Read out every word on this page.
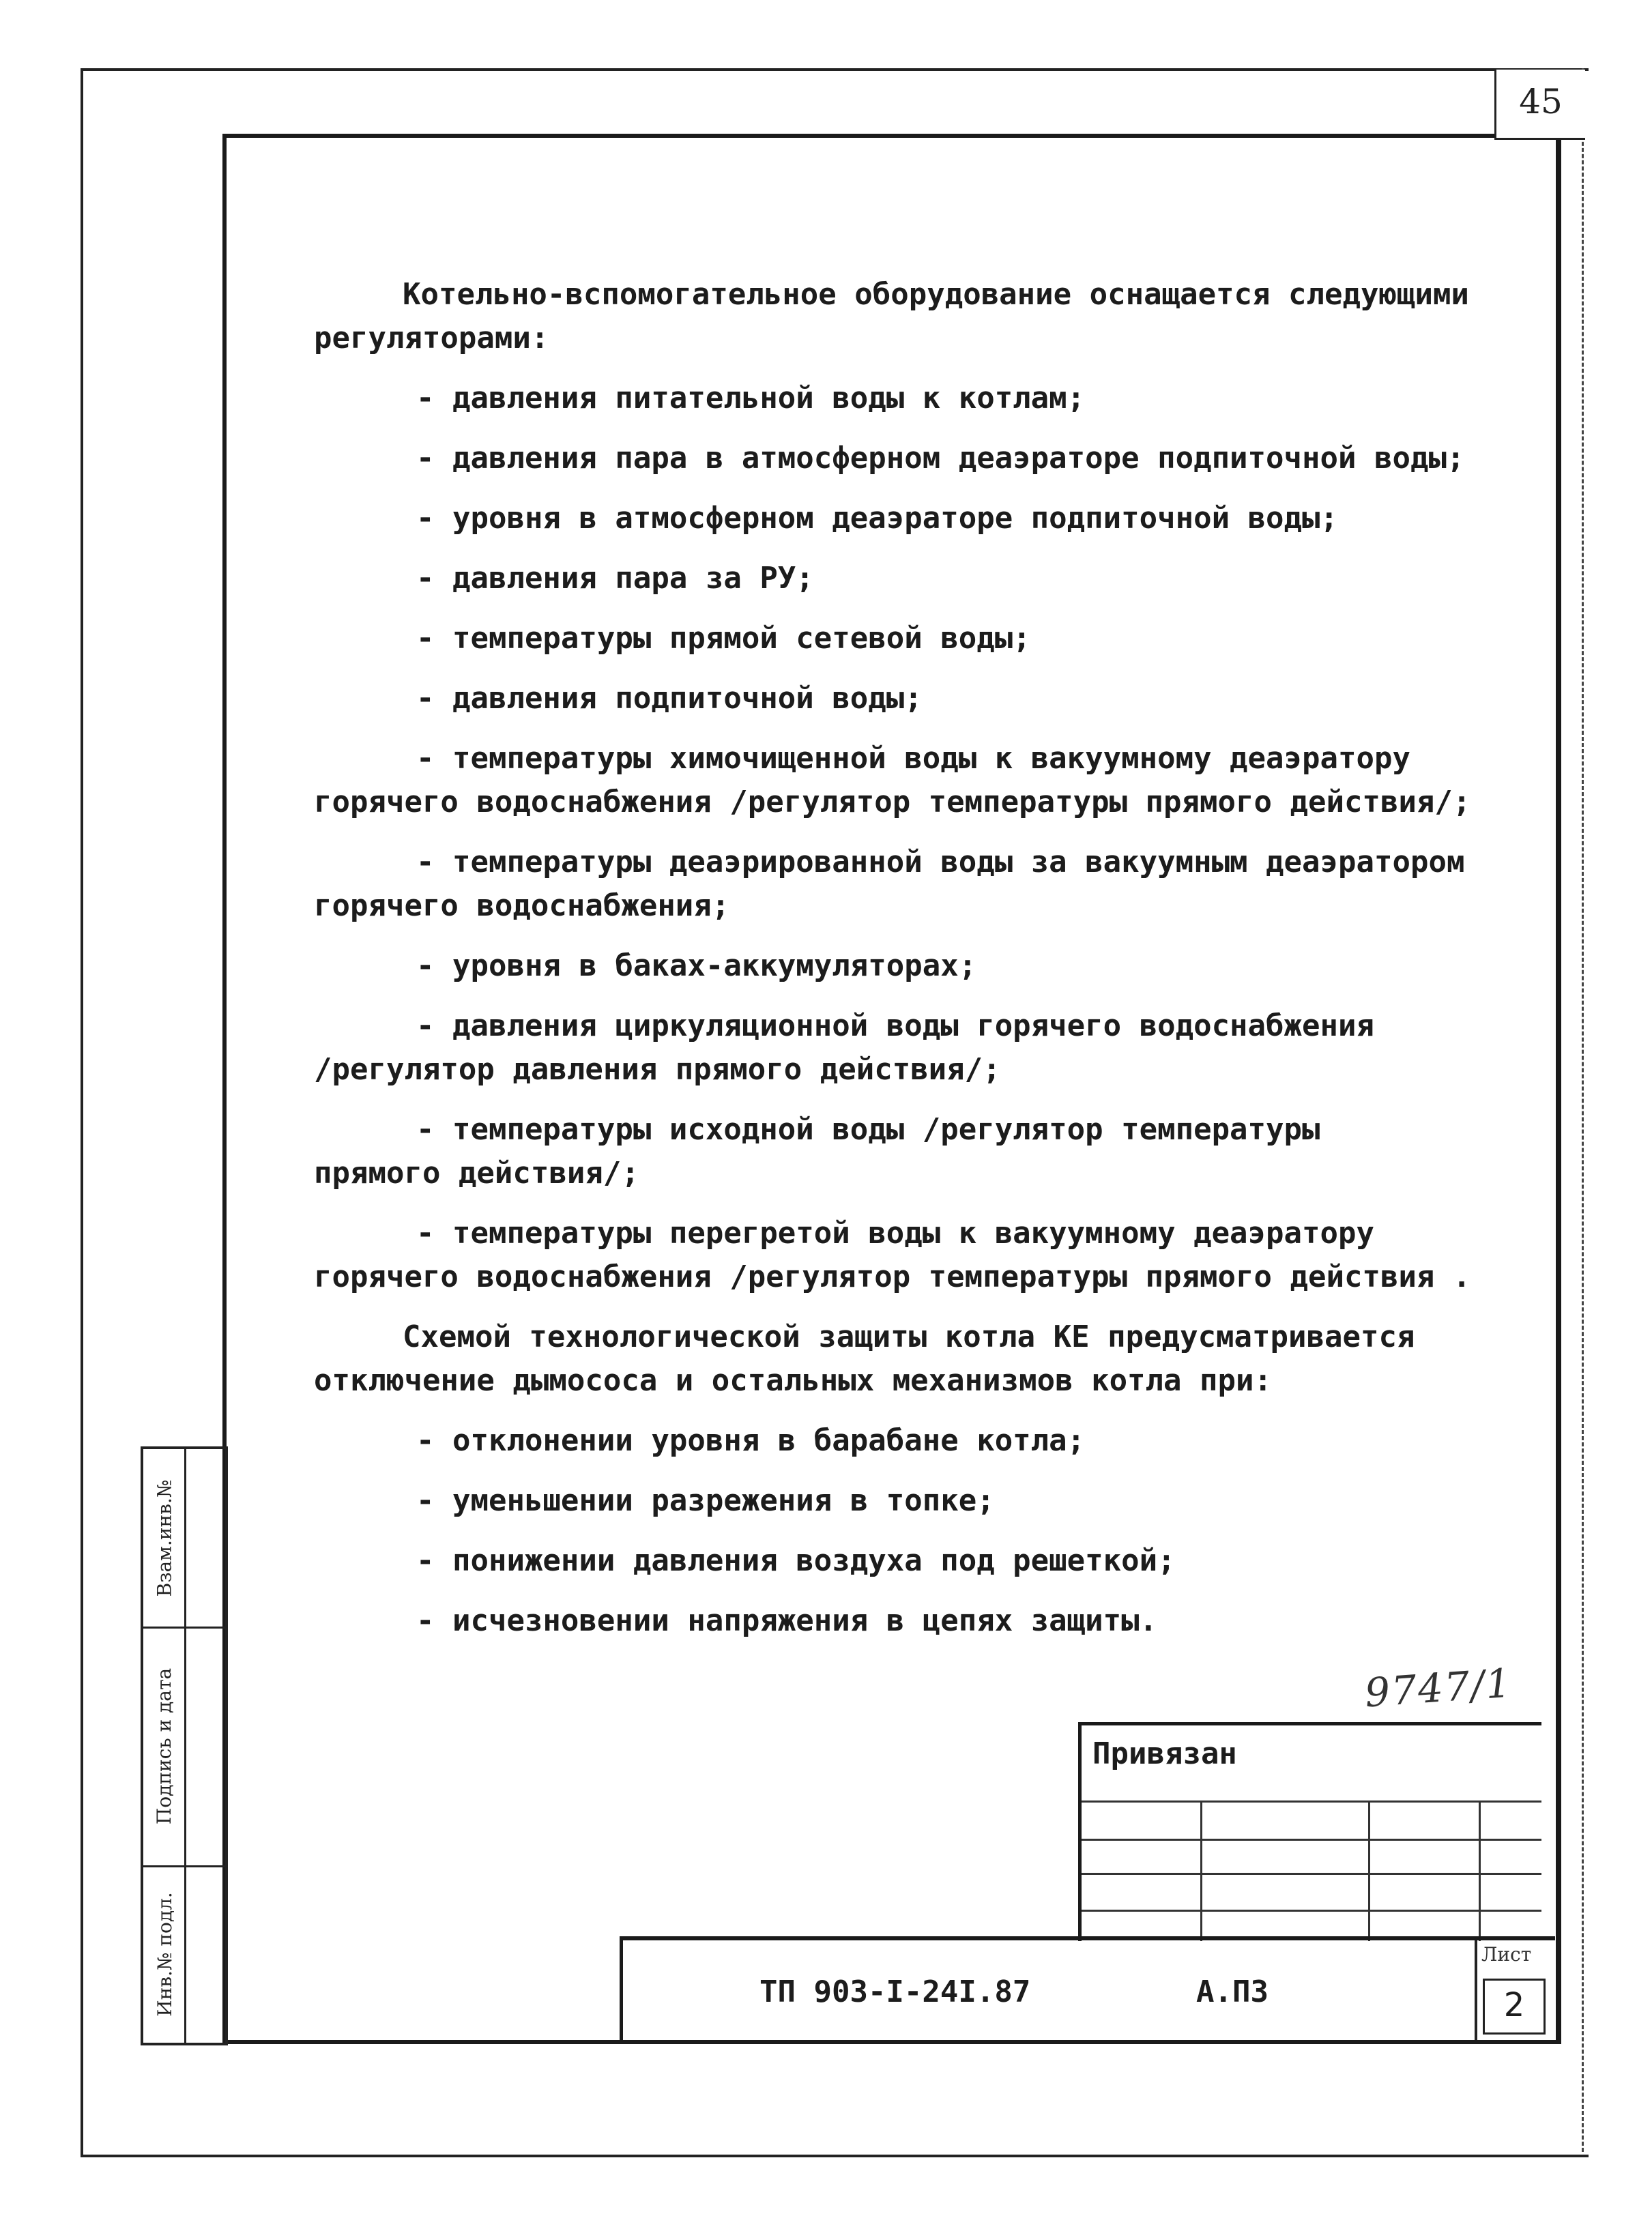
45

Котельно-вспомогательное оборудование оснащается следующими

регуляторами:

- давления питательной воды к котлам;

- давления пара в атмосферном деаэраторе подпиточной воды;

- уровня в атмосферном деаэраторе подпиточной воды;

- давления пара за РУ;

- температуры прямой сетевой воды;

- давления подпиточной воды;

- температуры химочищенной воды к вакуумному деаэратору

горячего водоснабжения /регулятор температуры прямого действия/;

- температуры деаэрированной воды за вакуумным деаэратором

горячего водоснабжения;

- уровня в баках-аккумуляторах;

- давления циркуляционной воды горячего водоснабжения

/регулятор давления прямого действия/;

- температуры исходной воды /регулятор температуры

прямого действия/;

- температуры перегретой воды к вакуумному деаэратору

горячего водоснабжения /регулятор температуры прямого действия .

Схемой технологической защиты котла КЕ предусматривается

отключение дымососа и остальных механизмов котла при:

- отклонении уровня в барабане котла;

- уменьшении разрежения в топке;

- понижении давления воздуха под решеткой;

- исчезновении напряжения в цепях защиты.

Взам.инв.№
Подпись и дата
Инв.№ подл.
9747/1
Привязан
ТП 903-I-24I.87	А.ПЗ
Лист
2
